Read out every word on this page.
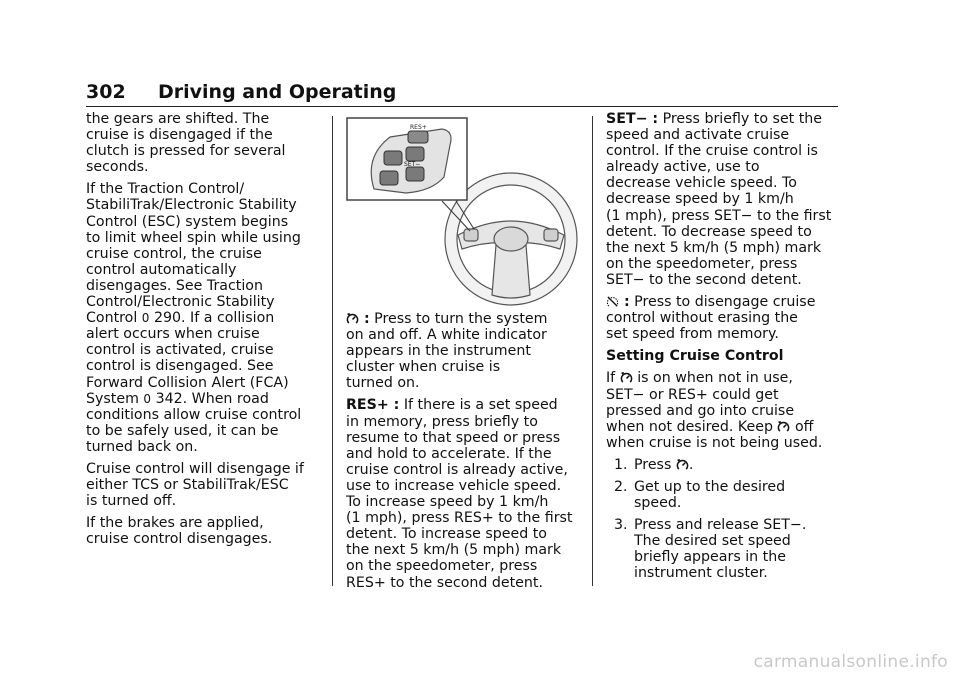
302 Driving and Operating

the gears are shifted. The
cruise is disengaged if the
clutch is pressed for several
seconds.

If the Traction Control/
StabiliTrak/Electronic Stability
Control (ESC) system begins
to limit wheel spin while using
cruise control, the cruise
control automatically
disengages. See Traction
Control/Electronic Stability
Control 0 290. If a collision
alert occurs when cruise
control is activated, cruise
control is disengaged. See
Forward Collision Alert (FCA)
System 0 342. When road
conditions allow cruise control
to be safely used, it can be
turned back on.

Cruise control will disengage if
either TCS or StabiliTrak/ESC
is turned off.

If the brakes are applied,
cruise control disengages.

RES+
SET−

: Press to turn the system
on and off. A white indicator
appears in the instrument
cluster when cruise is
turned on.

RES+ : If there is a set speed
in memory, press briefly to
resume to that speed or press
and hold to accelerate. If the
cruise control is already active,
use to increase vehicle speed.
To increase speed by 1 km/h
(1 mph), press RES+ to the first
detent. To increase speed to
the next 5 km/h (5 mph) mark
on the speedometer, press
RES+ to the second detent.

SET− : Press briefly to set the
speed and activate cruise
control. If the cruise control is
already active, use to
decrease vehicle speed. To
decrease speed by 1 km/h
(1 mph), press SET− to the first
detent. To decrease speed to
the next 5 km/h (5 mph) mark
on the speedometer, press
SET− to the second detent.

: Press to disengage cruise
control without erasing the
set speed from memory.

Setting Cruise Control

If  is on when not in use,
SET− or RES+ could get
pressed and go into cruise
when not desired. Keep  off
when cruise is not being used.

1. Press .
2. Get up to the desired
speed.
3. Press and release SET−.
The desired set speed
briefly appears in the
instrument cluster.
carmanualsonline.info
